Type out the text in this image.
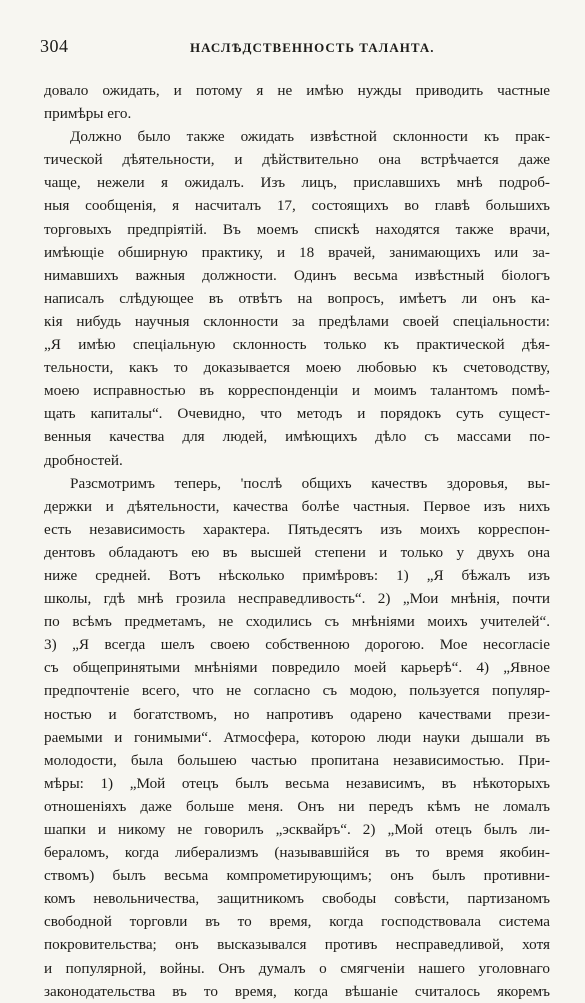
304	НАСЛѢДСТВЕННОСТЬ ТАЛАНТА.
довало ожидать, и потому я не имѣю нужды приводить частные
примѣры его.
Должно было также ожидать извѣстной склонности къ прак-
тической дѣятельности, и дѣйствительно она встрѣчается даже
чаще, нежели я ожидалъ. Изъ лицъ, приславшихъ мнѣ подроб-
ныя сообщенія, я насчиталъ 17, состоящихъ во главѣ большихъ
торговыхъ предпріятій. Въ моемъ спискѣ находятся также врачи,
имѣющіе обширную практику, и 18 врачей, занимающихъ или за-
нимавшихъ важныя должности. Одинъ весьма извѣстный біологъ
написалъ слѣдующее въ отвѣтъ на вопросъ, имѣетъ ли онъ ка-
кія нибудь научныя склонности за предѣлами своей спеціальности:
„Я имѣю спеціальную склонность только къ практической дѣя-
тельности, какъ то доказывается моею любовью къ счетоводству,
моею исправностью въ корреспонденціи и моимъ талантомъ помѣ-
щать капиталы“. Очевидно, что методъ и порядокъ суть сущест-
венныя качества для людей, имѣющихъ дѣло съ массами по-
дробностей.
Разсмотримъ теперь, 'послѣ общихъ качествъ здоровья, вы-
держки и дѣятельности, качества болѣе частныя. Первое изъ нихъ
есть независимость характера. Пятьдесятъ изъ моихъ корреспон-
дентовъ обладаютъ ею въ высшей степени и только у двухъ она
ниже средней. Вотъ нѣсколько примѣровъ: 1) „Я бѣжалъ изъ
школы, гдѣ мнѣ грозила несправедливость“. 2) „Мои мнѣнія, почти
по всѣмъ предметамъ, не сходились съ мнѣніями моихъ учителей“.
3) „Я всегда шелъ своею собственною дорогою. Мое несогласіе
съ общепринятыми мнѣніями повредило моей карьерѣ“. 4) „Явное
предпочтеніе всего, что не согласно съ модою, пользуется популяр-
ностью и богатствомъ, но напротивъ одарено качествами прези-
раемыми и гонимыми“. Атмосфера, которою люди науки дышали въ
молодости, была большею частью пропитана независимостью. При-
мѣры: 1) „Мой отецъ былъ весьма независимъ, въ нѣкоторыхъ
отношеніяхъ даже больше меня. Онъ ни передъ кѣмъ не ломалъ
шапки и никому не говорилъ „эсквайръ“. 2) „Мой отецъ былъ ли-
бераломъ, когда либерализмъ (называвшійся въ то время якобин-
ствомъ) былъ весьма компрометирующимъ; онъ былъ противни-
комъ невольничества, защитникомъ свободы совѣсти, партизаномъ
свободной торговли въ то время, когда господствовала система
покровительства; онъ высказывался противъ несправедливой, хотя
и популярной, войны. Онъ думалъ о смягченіи нашего уголовнаго
законодательства въ то время, когда вѣшаніе считалось якоремъ
